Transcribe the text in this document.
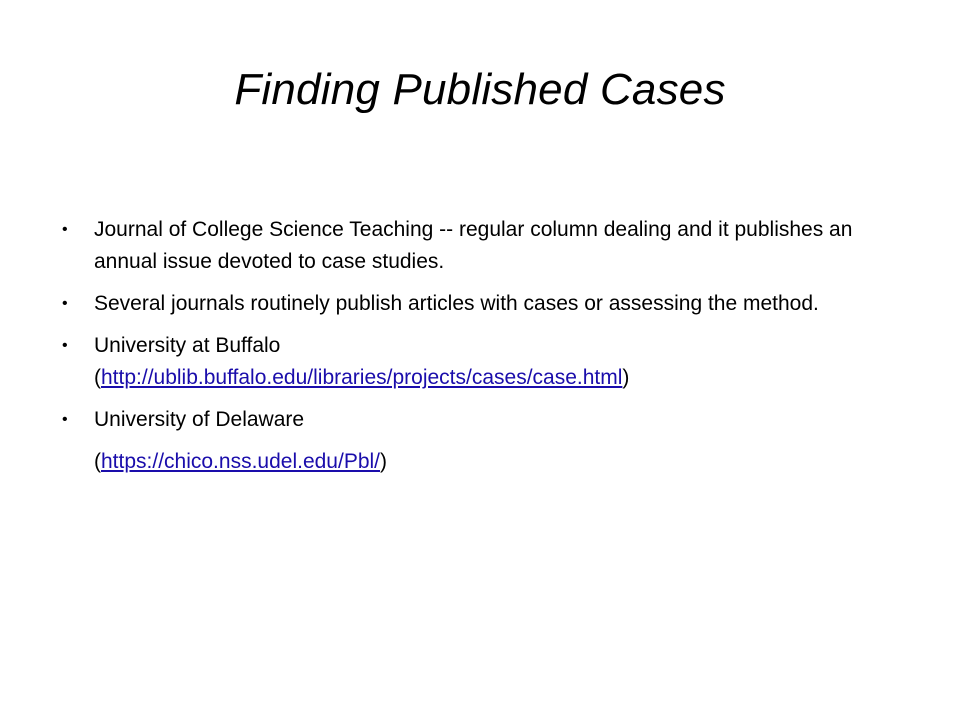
Finding Published Cases
• Journal of College Science Teaching -- regular column dealing and it publishes an annual issue devoted to case studies.
• Several journals routinely publish articles with cases or assessing the method.
• University at Buffalo
(http://ublib.buffalo.edu/libraries/projects/cases/case.html)
• University of Delaware
(https://chico.nss.udel.edu/Pbl/)
